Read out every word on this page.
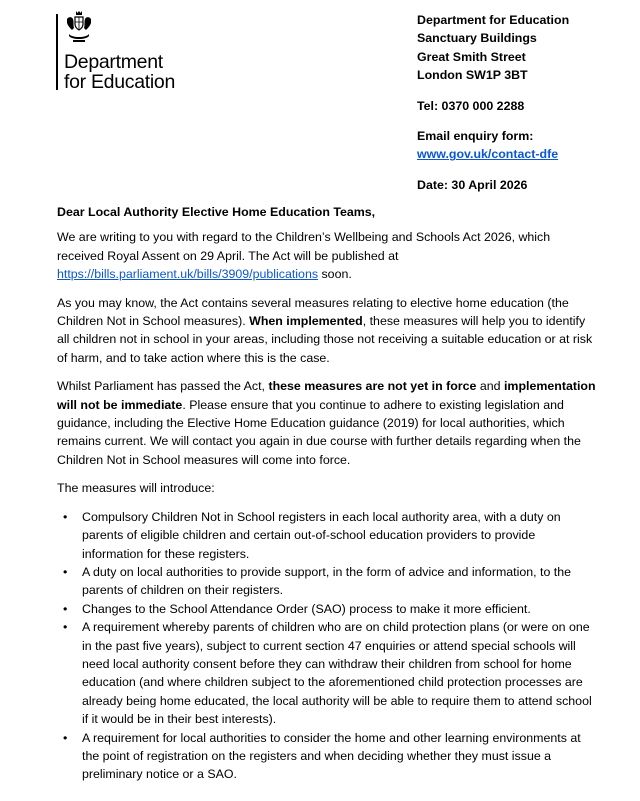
Department
for Education
Department for Education
Sanctuary Buildings
Great Smith Street
London SW1P 3BT
Tel: 0370 000 2288
Email enquiry form:
www.gov.uk/contact-dfe
Date: 30 April 2026

Dear Local Authority Elective Home Education Teams,

We are writing to you with regard to the Children’s Wellbeing and Schools Act 2026, which received Royal Assent on 29 April. The Act will be published at https://bills.parliament.uk/bills/3909/publications soon.

As you may know, the Act contains several measures relating to elective home education (the Children Not in School measures). When implemented, these measures will help you to identify all children not in school in your areas, including those not receiving a suitable education or at risk of harm, and to take action where this is the case.

Whilst Parliament has passed the Act, these measures are not yet in force and implementation will not be immediate. Please ensure that you continue to adhere to existing legislation and guidance, including the Elective Home Education guidance (2019) for local authorities, which remains current. We will contact you again in due course with further details regarding when the Children Not in School measures will come into force.

The measures will introduce:

• Compulsory Children Not in School registers in each local authority area, with a duty on parents of eligible children and certain out-of-school education providers to provide information for these registers.
• A duty on local authorities to provide support, in the form of advice and information, to the parents of children on their registers.
• Changes to the School Attendance Order (SAO) process to make it more efficient.
• A requirement whereby parents of children who are on child protection plans (or were on one in the past five years), subject to current section 47 enquiries or attend special schools will need local authority consent before they can withdraw their children from school for home education (and where children subject to the aforementioned child protection processes are already being home educated, the local authority will be able to require them to attend school if it would be in their best interests).
• A requirement for local authorities to consider the home and other learning environments at the point of registration on the registers and when deciding whether they must issue a preliminary notice or a SAO.
